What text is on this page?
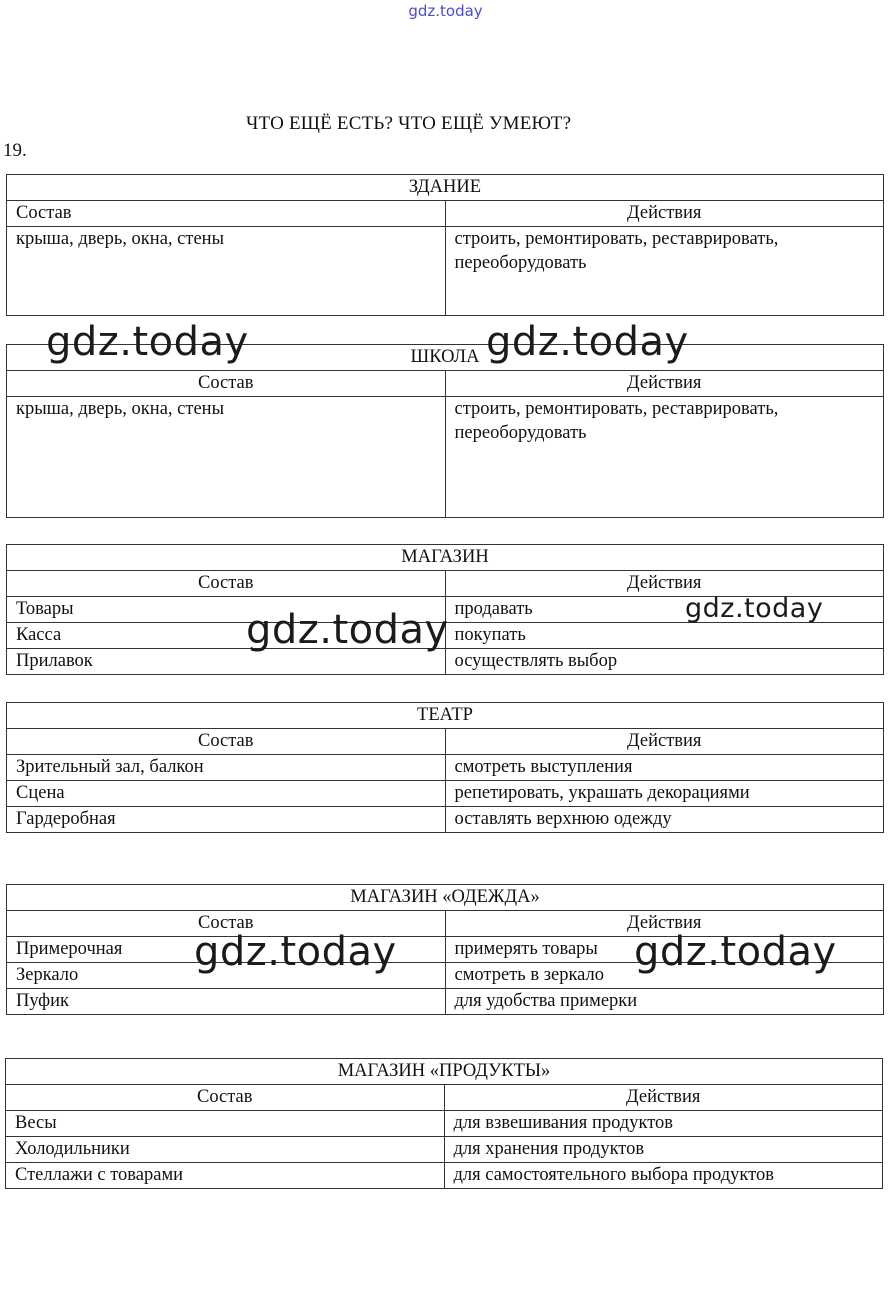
gdz.today
ЧТО ЕЩЁ ЕСТЬ? ЧТО ЕЩЁ УМЕЮТ?
19.
ЗДАНИЕ	
Состав	Действия
крыша, дверь, окна, стены	строить, ремонтировать, реставрировать, переоборудовать
ШКОЛА	
Состав	Действия
крыша, дверь, окна, стены	строить, ремонтировать, реставрировать, переоборудовать
МАГАЗИН	
Состав	Действия
Товары	продавать
Касса	покупать
Прилавок	осуществлять выбор
ТЕАТР	
Состав	Действия
Зрительный зал, балкон	смотреть выступления
Сцена	репетировать, украшать декорациями
Гардеробная	оставлять верхнюю одежду
МАГАЗИН «ОДЕЖДА»	
Состав	Действия
Примерочная	примерять товары
Зеркало	смотреть в зеркало
Пуфик	для удобства примерки
МАГАЗИН «ПРОДУКТЫ»	
Состав	Действия
Весы	для взвешивания продуктов
Холодильники	для хранения продуктов
Стеллажи с товарами	для самостоятельного выбора продуктов
gdz.today	gdz.today
gdz.today	gdz.today
gdz.today	gdz.today
